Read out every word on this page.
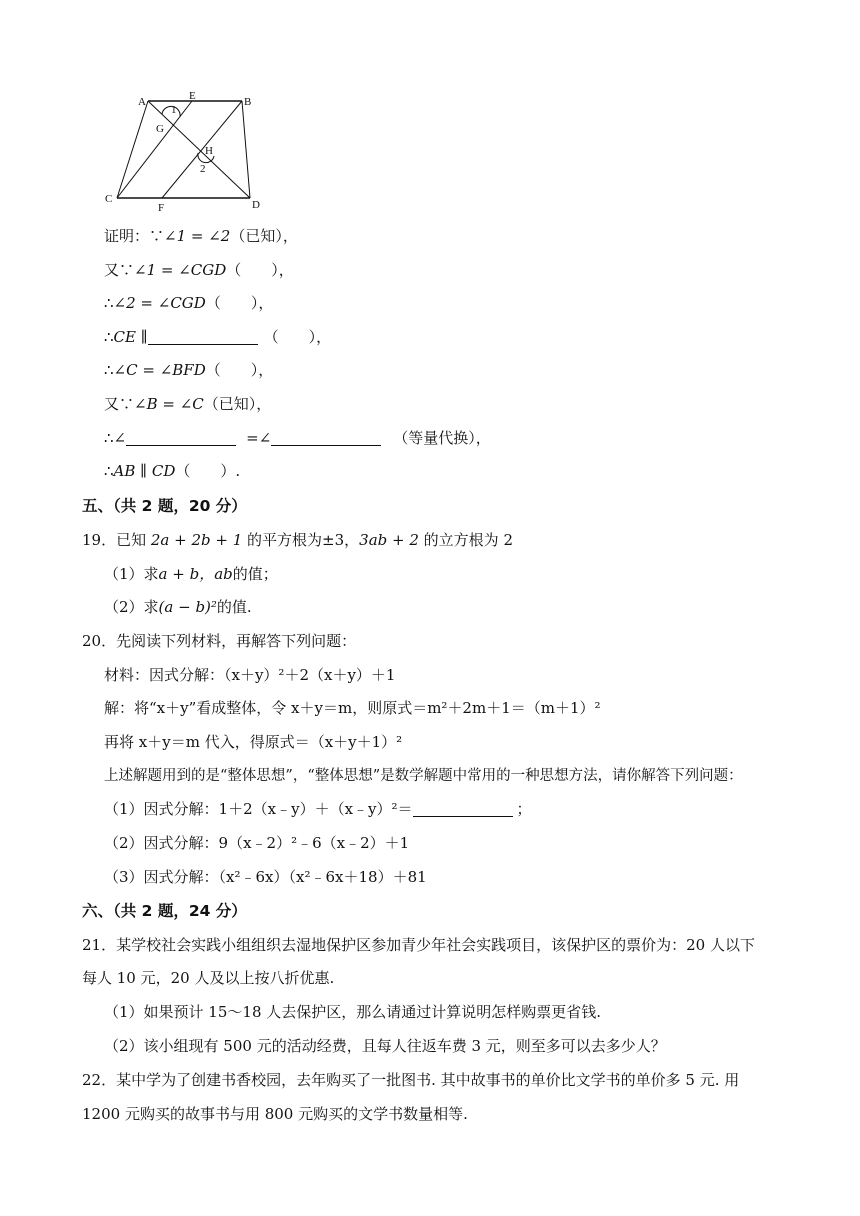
A	E	B
1
G
H
2
C
F	D
证明：∵∠1 = ∠2（已知），
又∵∠1 = ∠CGD（　　），
∴∠2 = ∠CGD（　　），
∴CE ∥	（　　），
∴∠C = ∠BFD（　　），
又∵∠B = ∠C（已知），
∴∠	=∠	（等量代换），
∴AB ∥ CD（　　）.
五、（共 2 题，20 分）
19．已知 2a + 2b + 1 的平方根为±3，3ab + 2 的立方根为 2
（1）求a + b，ab的值；
（2）求(a − b)²的值.
20．先阅读下列材料，再解答下列问题：
材料：因式分解：（x＋y）²＋2（x＋y）＋1
解：将“x＋y”看成整体，令 x＋y＝m，则原式＝m²＋2m＋1＝（m＋1）²
再将 x＋y＝m 代入，得原式＝（x＋y＋1）²
上述解题用到的是“整体思想”，“整体思想”是数学解题中常用的一种思想方法，请你解答下列问题：
（1）因式分解：1＋2（x﹣y）＋（x﹣y）²＝	；
（2）因式分解：9（x﹣2）²﹣6（x﹣2）＋1
（3）因式分解：（x²﹣6x）（x²﹣6x＋18）＋81
六、（共 2 题，24 分）
21．某学校社会实践小组组织去湿地保护区参加青少年社会实践项目，该保护区的票价为：20 人以下
每人 10 元，20 人及以上按八折优惠.
（1）如果预计 15～18 人去保护区，那么请通过计算说明怎样购票更省钱.
（2）该小组现有 500 元的活动经费，且每人往返车费 3 元，则至多可以去多少人？
22．某中学为了创建书香校园，去年购买了一批图书. 其中故事书的单价比文学书的单价多 5 元. 用
1200 元购买的故事书与用 800 元购买的文学书数量相等.
